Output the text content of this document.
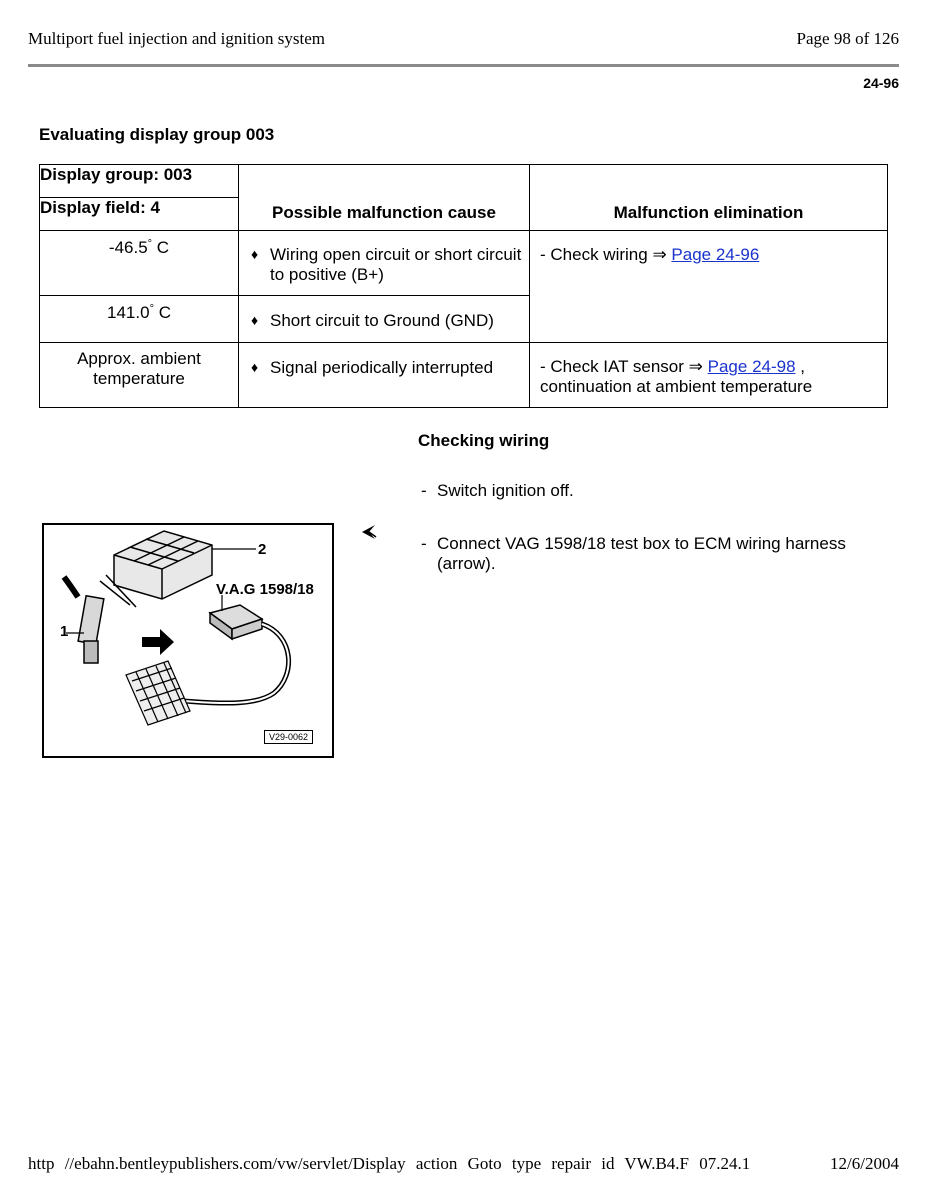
Multiport fuel injection and ignition system	Page 98 of 126
24-96
Evaluating display group 003
Display group: 003	Possible malfunction cause	Malfunction elimination
Display field: 4		
-46.5° C	♦ Wiring open circuit or short circuit to positive (B+)	- Check wiring ⇒ Page 24-96
141.0° C	♦ Short circuit to Ground (GND)	

Approx. ambient temperature	♦ Signal periodically interrupted	- Check IAT sensor ⇒ Page 24-98 ,
continuation at ambient temperature
Checking wiring
- Switch ignition off.
- Connect VAG 1598/18 test box to ECM wiring harness (arrow).
1
2
V.A.G 1598/18
V29-0062
http //ebahn.bentleypublishers.com/vw/servlet/Display action Goto type repair id VW.B4.F 07.24.1	12/6/2004
